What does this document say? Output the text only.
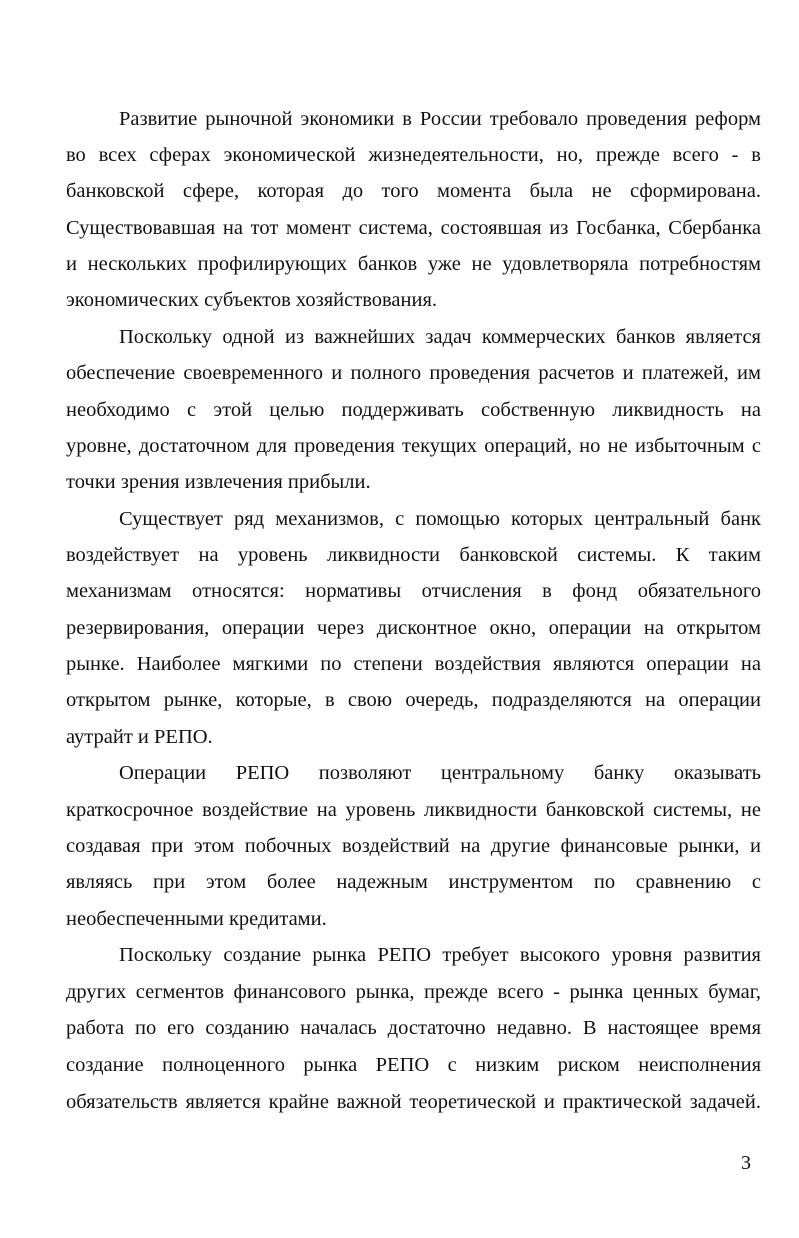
Развитие рыночной экономики в России требовало проведения реформ
во всех сферах экономической жизнедеятельности, но, прежде всего - в
банковской сфере, которая до того момента была не сформирована.
Существовавшая на тот момент система, состоявшая из Госбанка, Сбербанка
и нескольких профилирующих банков уже не удовлетворяла потребностям
экономических субъектов хозяйствования.
Поскольку одной из важнейших задач коммерческих банков является
обеспечение своевременного и полного проведения расчетов и платежей, им
необходимо с этой целью поддерживать собственную ликвидность на
уровне, достаточном для проведения текущих операций, но не избыточным с
точки зрения извлечения прибыли.
Существует ряд механизмов, с помощью которых центральный банк
воздействует на уровень ликвидности банковской системы. К таким
механизмам относятся: нормативы отчисления в фонд обязательного
резервирования, операции через дисконтное окно, операции на открытом
рынке. Наиболее мягкими по степени воздействия являются операции на
открытом рынке, которые, в свою очередь, подразделяются на операции
аутрайт и РЕПО.
Операции РЕПО позволяют центральному банку оказывать
краткосрочное воздействие на уровень ликвидности банковской системы, не
создавая при этом побочных воздействий на другие финансовые рынки, и
являясь при этом более надежным инструментом по сравнению с
необеспеченными кредитами.
Поскольку создание рынка РЕПО требует высокого уровня развития
других сегментов финансового рынка, прежде всего - рынка ценных бумаг,
работа по его созданию началась достаточно недавно. В настоящее время
создание полноценного рынка РЕПО с низким риском неисполнения
обязательств является крайне важной теоретической и практической задачей.
3
